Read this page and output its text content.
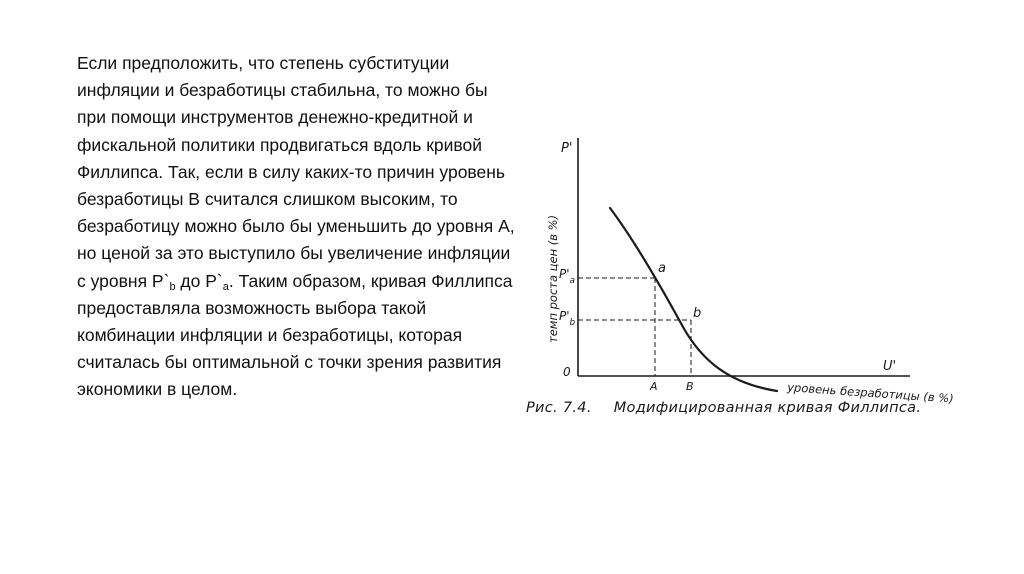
Если предположить, что степень субституции инфляции и безработицы стабильна, то можно бы при помощи инструментов денежно-кредитной и фискальной политики продвигаться вдоль кривой Филлипса. Так, если в силу каких-то причин уровень безработицы B считался слишком высоким, то безработицу можно было бы уменьшить до уровня A, но ценой за это выступило бы увеличение инфляции с уровня $P`_b$ до $P`_a$. Таким образом, кривая Филлипса предоставляла возможность выбора такой комбинации инфляции и безработицы, которая считалась бы оптимальной с точки зрения развития экономики в целом.
P'
темп роста цен (в %)
0
$P'_a$
$P'_b$
a
b
A	B
U'
уровень безработицы (в %)
Рис. 7.4. Модифицированная кривая Филлипса.
